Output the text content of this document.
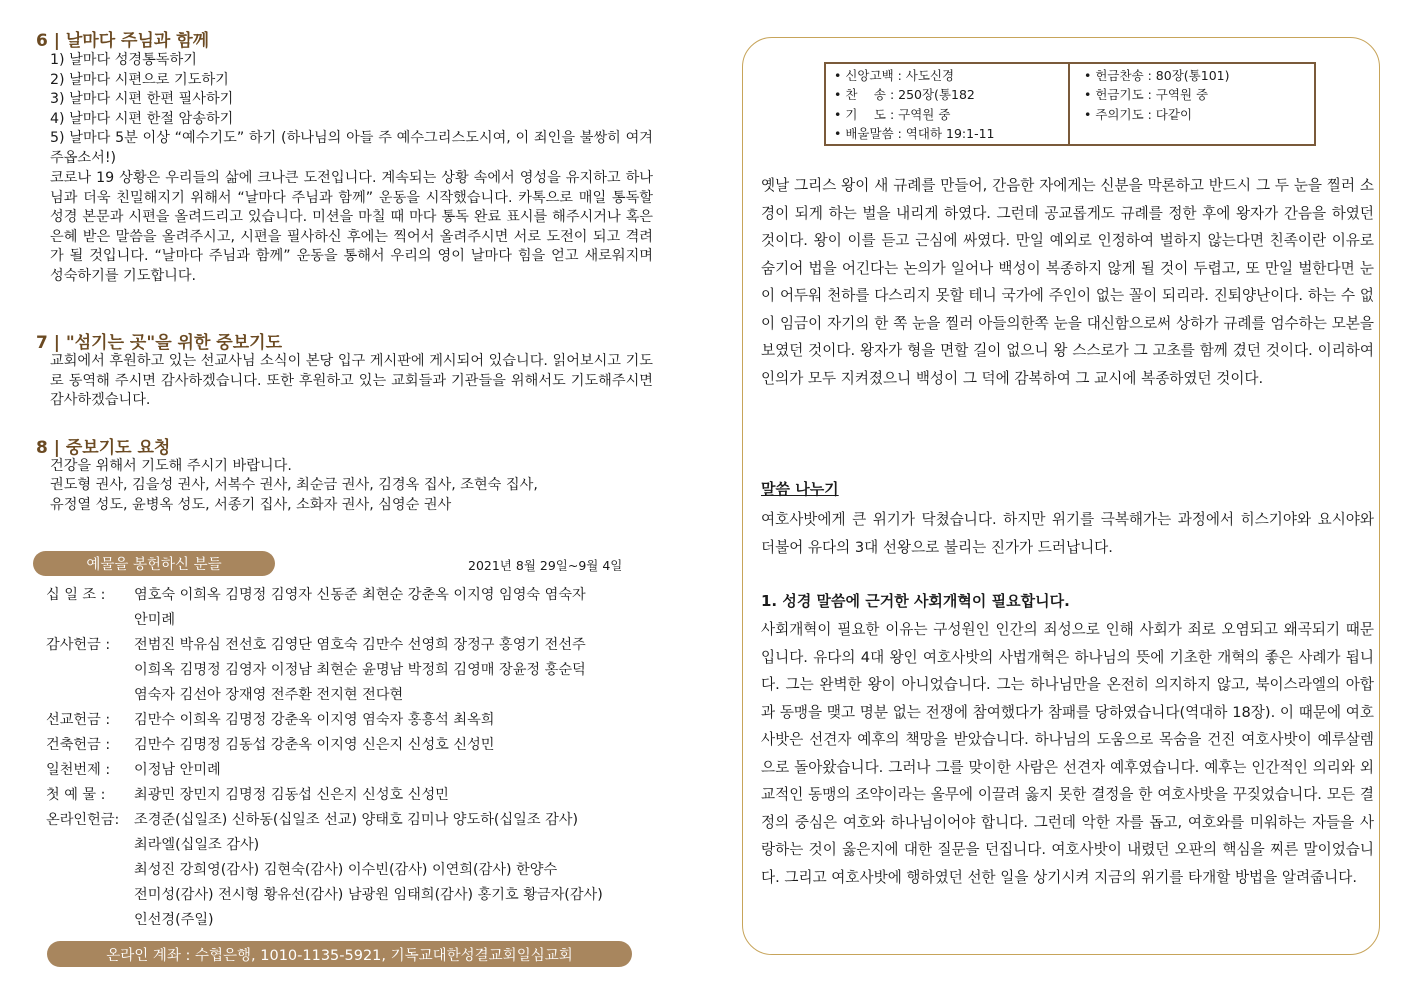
6 | 날마다 주님과 함께
1) 날마다 성경통독하기
2) 날마다 시편으로 기도하기
3) 날마다 시편 한편 필사하기
4) 날마다 시편 한절 암송하기
5) 날마다 5분 이상 “예수기도” 하기 (하나님의 아들 주 예수그리스도시여, 이 죄인을 불쌍히 여겨주옵소서!)
코로나 19 상황은 우리들의 삶에 크나큰 도전입니다. 계속되는 상황 속에서 영성을 유지하고 하나님과 더욱 친밀해지기 위해서 “날마다 주님과 함께” 운동을 시작했습니다. 카톡으로 매일 통독할 성경 본문과 시편을 올려드리고 있습니다. 미션을 마칠 때 마다 통독 완료 표시를 해주시거나 혹은 은혜 받은 말씀을 올려주시고, 시편을 필사하신 후에는 찍어서 올려주시면 서로 도전이 되고 격려가 될 것입니다. “날마다 주님과 함께” 운동을 통해서 우리의 영이 날마다 힘을 얻고 새로워지며 성숙하기를 기도합니다.
7 | "섬기는 곳"을 위한 중보기도
교회에서 후원하고 있는 선교사님 소식이 본당 입구 게시판에 게시되어 있습니다. 읽어보시고 기도로 동역해 주시면 감사하겠습니다. 또한 후원하고 있는 교회들과 기관들을 위해서도 기도해주시면 감사하겠습니다.
8 | 중보기도 요청
건강을 위해서 기도해 주시기 바랍니다.
권도형 권사, 김을성 권사, 서복수 권사, 최순금 권사, 김경옥 집사, 조현숙 집사,
유정열 성도, 윤병옥 성도, 서종기 집사, 소화자 권사, 심영순 권사
예물을 봉헌하신 분들	2021년 8월 29일~9월 4일
십 일 조 : 염호숙 이희옥 김명정 김영자 신동준 최현순 강춘옥 이지영 임영숙 염숙자
안미례
감사헌금 : 전범진 박유심 전선호 김영단 염호숙 김만수 선영희 장정구 홍영기 전선주
이희옥 김명정 김영자 이정남 최현순 윤명남 박정희 김영매 장윤정 홍순덕
염숙자 김선아 장재영 전주환 전지현 전다현
선교헌금 : 김만수 이희옥 김명정 강춘옥 이지영 염숙자 홍흥석 최옥희
건축헌금 : 김만수 김명정 김동섭 강춘옥 이지영 신은지 신성호 신성민
일천번제 : 이정남 안미례
첫 예 물 : 최광민 장민지 김명정 김동섭 신은지 신성호 신성민
온라인헌금: 조경준(십일조) 신하동(십일조 선교) 양태호 김미나 양도하(십일조 감사)
최라엘(십일조 감사)
최성진 강희영(감사) 김현숙(감사) 이수빈(감사) 이연희(감사) 한양수
전미성(감사) 전시형 황유선(감사) 남광원 임태희(감사) 홍기호 황금자(감사)
인선경(주일)
온라인 계좌 : 수협은행, 1010-1135-5921, 기독교대한성결교회일심교회
• 신앙고백 : 사도신경
• 찬　 송 : 250장(통182
• 기　 도 : 구역원 중
• 배울말씀 : 역대하 19:1-11
• 헌금찬송 : 80장(통101)
• 헌금기도 : 구역원 중
• 주의기도 : 다같이
옛날 그리스 왕이 새 규례를 만들어, 간음한 자에게는 신분을 막론하고 반드시 그 두 눈을 찔러 소경이 되게 하는 벌을 내리게 하였다. 그런데 공교롭게도 규례를 정한 후에 왕자가 간음을 하였던 것이다. 왕이 이를 듣고 근심에 싸였다. 만일 예외로 인정하여 벌하지 않는다면 친족이란 이유로 숨기어 법을 어긴다는 논의가 일어나 백성이 복종하지 않게 될 것이 두렵고, 또 만일 벌한다면 눈이 어두워 천하를 다스리지 못할 테니 국가에 주인이 없는 꼴이 되리라. 진퇴양난이다. 하는 수 없이 임금이 자기의 한 쪽 눈을 찔러 아들의한쪽 눈을 대신함으로써 상하가 규례를 엄수하는 모본을 보였던 것이다. 왕자가 형을 면할 길이 없으니 왕 스스로가 그 고초를 함께 겼던 것이다. 이리하여 인의가 모두 지켜졌으니 백성이 그 덕에 감복하여 그 교시에 복종하였던 것이다.
말씀 나누기
여호사밧에게 큰 위기가 닥쳤습니다. 하지만 위기를 극복해가는 과정에서 히스기야와 요시야와 더불어 유다의 3대 선왕으로 불리는 진가가 드러납니다.
1. 성경 말씀에 근거한 사회개혁이 필요합니다.
사회개혁이 필요한 이유는 구성원인 인간의 죄성으로 인해 사회가 죄로 오염되고 왜곡되기 때문입니다. 유다의 4대 왕인 여호사밧의 사법개혁은 하나님의 뜻에 기초한 개혁의 좋은 사례가 됩니다. 그는 완벽한 왕이 아니었습니다. 그는 하나님만을 온전히 의지하지 않고, 북이스라엘의 아합과 동맹을 맺고 명분 없는 전쟁에 참여했다가 참패를 당하였습니다(역대하 18장). 이 때문에 여호사밧은 선견자 예후의 책망을 받았습니다. 하나님의 도움으로 목숨을 건진 여호사밧이 예루살렘으로 돌아왔습니다. 그러나 그를 맞이한 사람은 선견자 예후였습니다. 예후는 인간적인 의리와 외교적인 동맹의 조약이라는 올무에 이끌려 옳지 못한 결정을 한 여호사밧을 꾸짖었습니다. 모든 결정의 중심은 여호와 하나님이어야 합니다. 그런데 악한 자를 돕고, 여호와를 미워하는 자들을 사랑하는 것이 옳은지에 대한 질문을 던집니다. 여호사밧이 내렸던 오판의 핵심을 찌른 말이었습니다. 그리고 여호사밧에 행하였던 선한 일을 상기시켜 지금의 위기를 타개할 방법을 알려줍니다.
